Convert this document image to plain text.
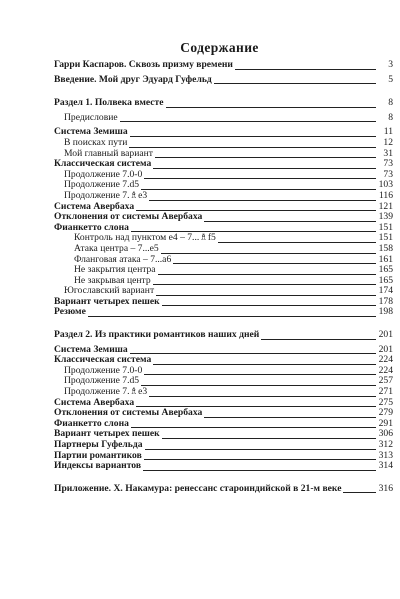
Содержание
Гарри Каспаров. Сквозь призму времени	3
Введение. Мой друг Эдуард Гуфельд	5
Раздел 1. Полвека вместе	8
Предисловие	8
Система Земиша	11
В поисках пути	12
Мой главный вариант	31
Классическая система	73
Продолжение 7.0-0	73
Продолжение 7.d5	103
Продолжение 7.♗e3	116
Система Авербаха	121
Отклонения от системы Авербаха	139
Фианкетто слона	151
Контроль над пунктом е4 – 7...♗f5	151
Атака центра – 7...e5	158
Фланговая атака – 7...a6	161
Не закрытия центра	165
Не закрывая центр	165
Югославский вариант	174
Вариант четырех пешек	178
Резюме	198
Раздел 2. Из практики романтиков наших дней	201
Система Земиша	201
Классическая система	224
Продолжение 7.0-0	224
Продолжение 7.d5	257
Продолжение 7.♗e3	271
Система Авербаха	275
Отклонения от системы Авербаха	279
Фианкетто слона	291
Вариант четырех пешек	306
Партнеры Гуфельда	312
Партии романтиков	313
Индексы вариантов	314
Приложение. Х. Накамура: ренессанс староиндийской в 21-м веке	316
